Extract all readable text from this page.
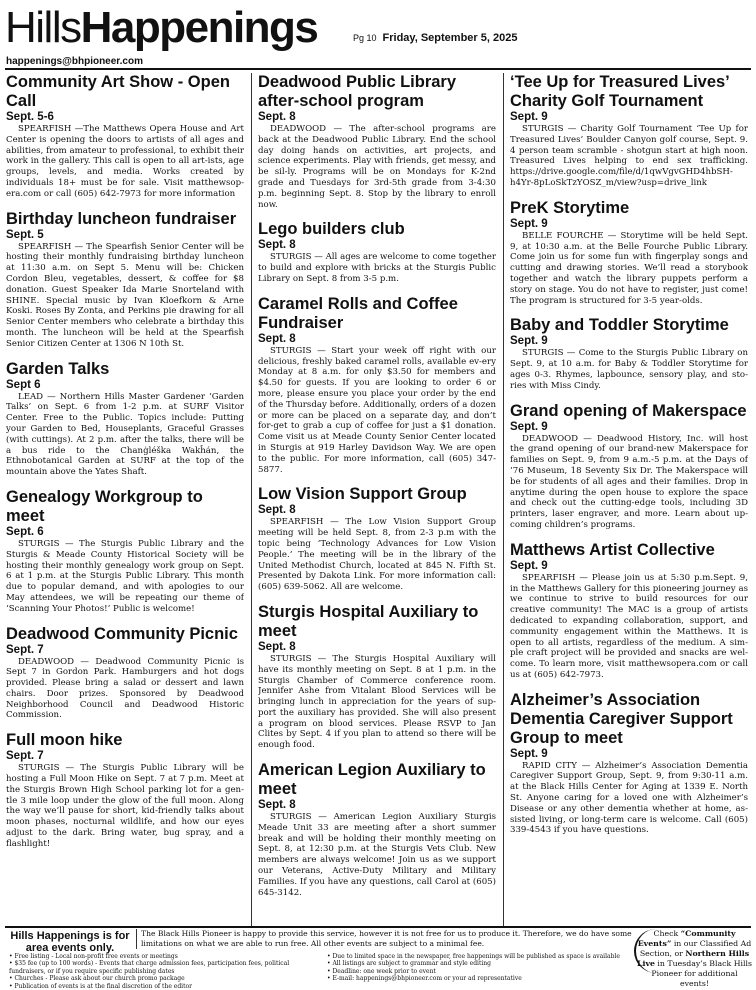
HillsHappenings	Pg 10 Friday, September 5, 2025
happenings@bhpioneer.com
Community Art Show - Open Call
Sept. 5-6

SPEARFISH —The Matthews Opera House and Art Center is opening the doors to artists of all ages and abilities, from amateur to professional, to exhibit their work in the gallery. This call is open to all art-ists, age groups, levels, and media. Works created by individuals 18+ must be for sale. Visit matthewsop-era.com or call (605) 642-7973 for more information

Birthday luncheon fundraiser
Sept. 5

SPEARFISH — The Spearfish Senior Center will be hosting their monthly fundraising birthday luncheon at 11:30 a.m. on Sept 5. Menu will be: Chicken Cordon Bleu, vegetables, dessert, & coffee for $8 donation. Guest Speaker Ida Marie Snorteland with SHINE. Special music by Ivan Kloefkorn & Arne Koski. Roses By Zonta, and Perkins pie drawing for all Senior Center members who celebrate a birthday this month. The luncheon will be held at the Spearfish Senior Citizen Center at 1306 N 10th St.

Garden Talks
Sept 6

LEAD — Northern Hills Master Gardener ‘Garden Talks’ on Sept. 6 from 1-2 p.m. at SURF Visitor Center. Free to the Public. Topics include: Putting your Garden to Bed, Houseplants, Graceful Grasses (with cuttings). At 2 p.m. after the talks, there will be a bus ride to the Chanġléška Wakȟán, the Ethnobotanical Garden at SURF at the top of the mountain above the Yates Shaft.

Genealogy Workgroup to meet
Sept. 6

STURGIS — The Sturgis Public Library and the Sturgis & Meade County Historical Society will be hosting their monthly genealogy work group on Sept. 6 at 1 p.m. at the Sturgis Public Library. This month due to popular demand, and with apologies to our May attendees, we will be repeating our theme of ‘Scanning Your Photos!’ Public is welcome!

Deadwood Community Picnic
Sept. 7

DEADWOOD — Deadwood Community Picnic is Sept 7 in Gordon Park. Hamburgers and hot dogs provided. Please bring a salad or dessert and lawn chairs. Door prizes. Sponsored by Deadwood Neighborhood Council and Deadwood Historic Commission.

Full moon hike
Sept. 7

STURGIS — The Sturgis Public Library will be hosting a Full Moon Hike on Sept. 7 at 7 p.m. Meet at the Sturgis Brown High School parking lot for a gen-tle 3 mile loop under the glow of the full moon. Along the way we’ll pause for short, kid-friendly talks about moon phases, nocturnal wildlife, and how our eyes adjust to the dark. Bring water, bug spray, and a flashlight!

Deadwood Public Library after-school program
Sept. 8

DEADWOOD — The after-school programs are back at the Deadwood Public Library. End the school day doing hands on activities, art projects, and science experiments. Play with friends, get messy, and be sil-ly. Programs will be on Mondays for K-2nd grade and Tuesdays for 3rd-5th grade from 3-4:30 p.m. beginning Sept. 8. Stop by the library to enroll now.

Lego builders club
Sept. 8

STURGIS — All ages are welcome to come together to build and explore with bricks at the Sturgis Public Library on Sept. 8 from 3-5 p.m.

Caramel Rolls and Coffee Fundraiser
Sept. 8

STURGIS — Start your week off right with our delicious, freshly baked caramel rolls, available ev-ery Monday at 8 a.m. for only $3.50 for members and $4.50 for guests. If you are looking to order 6 or more, please ensure you place your order by the end of the Thursday before. Additionally, orders of a dozen or more can be placed on a separate day, and don’t for-get to grab a cup of coffee for just a $1 donation. Come visit us at Meade County Senior Center located in Sturgis at 919 Harley Davidson Way. We are open to the public. For more information, call (605) 347-5877.

Low Vision Support Group
Sept. 8

SPEARFISH — The Low Vision Support Group meeting will be held Sept. 8, from 2-3 p.m with the topic being ‘Technology Advances for Low Vision People.’ The meeting will be in the library of the United Methodist Church, located at 845 N. Fifth St. Presented by Dakota Link. For more information call: (605) 639-5062. All are welcome.

Sturgis Hospital Auxiliary to meet
Sept. 8

STURGIS — The Sturgis Hospital Auxiliary will have its monthly meeting on Sept. 8 at 1 p.m. in the Sturgis Chamber of Commerce conference room. Jennifer Ashe from Vitalant Blood Services will be bringing lunch in appreciation for the years of sup-port the auxiliary has provided. She will also present a program on blood services. Please RSVP to Jan Clites by Sept. 4 if you plan to attend so there will be enough food.

American Legion Auxiliary to meet
Sept. 8

STURGIS — American Legion Auxiliary Sturgis Meade Unit 33 are meeting after a short summer break and will be holding their monthly meeting on Sept. 8, at 12:30 p.m. at the Sturgis Vets Club. New members are always welcome! Join us as we support our Veterans, Active-Duty Military and Military Families. If you have any questions, call Carol at (605) 645-3142.

‘Tee Up for Treasured Lives’ Charity Golf Tournament
Sept. 9

STURGIS — Charity Golf Tournament ‘Tee Up for Treasured Lives’ Boulder Canyon golf course, Sept. 9. 4 person team scramble - shotgun start at high noon. Treasured Lives helping to end sex trafficking. https://drive.google.com/file/d/1qwVgvGHD4hbSH-h4Yr-8pLoSkTzYOSZ_m/view?usp=drive_link

PreK Storytime
Sept. 9

BELLE FOURCHE — Storytime will be held Sept. 9, at 10:30 a.m. at the Belle Fourche Public Library. Come join us for some fun with fingerplay songs and cutting and drawing stories. We’ll read a storybook together and watch the library puppets perform a story on stage. You do not have to register, just come! The program is structured for 3-5 year-olds.

Baby and Toddler Storytime
Sept. 9

STURGIS — Come to the Sturgis Public Library on Sept. 9, at 10 a.m. for Baby & Toddler Storytime for ages 0-3. Rhymes, lapbounce, sensory play, and sto-ries with Miss Cindy.

Grand opening of Makerspace
Sept. 9

DEADWOOD — Deadwood History, Inc. will host the grand opening of our brand-new Makerspace for families on Sept. 9, from 9 a.m.-5 p.m. at the Days of ’76 Museum, 18 Seventy Six Dr. The Makerspace will be for students of all ages and their families. Drop in anytime during the open house to explore the space and check out the cutting-edge tools, including 3D printers, laser engraver, and more. Learn about up-coming children’s programs.

Matthews Artist Collective
Sept. 9

SPEARFISH — Please join us at 5:30 p.m.Sept. 9, in the Matthews Gallery for this pioneering journey as we continue to strive to build resources for our creative community! The MAC is a group of artists dedicated to expanding collaboration, support, and community engagement within the Matthews. It is open to all artists, regardless of the medium. A sim-ple craft project will be provided and snacks are wel-come. To learn more, visit matthewsopera.com or call us at (605) 642-7973.

Alzheimer’s Association Dementia Caregiver Support Group to meet
Sept. 9

RAPID CITY — Alzheimer’s Association Dementia Caregiver Support Group, Sept. 9, from 9:30-11 a.m. at the Black Hills Center for Aging at 1339 E. North St. Anyone caring for a loved one with Alzheimer’s Disease or any other dementia whether at home, as-sisted living, or long-term care is welcome. Call (605) 339-4543 if you have questions.

Hills Happenings is for area events only.
The Black Hills Pioneer is happy to provide this service, however it is not free for us to produce it. Therefore, we do have some limitations on what we are able to run free. All other events are subject to a minimal fee.
• Free listing - Local non-profit free events or meetings
• $35 fee (up to 100 words) - Events that charge admission fees, participation fees, political fundraisers, or if you require specific publishing dates
• Churches - Please ask about our church promo package
• Publication of events is at the final discretion of the editor
• Due to limited space in the newspaper, free happenings will be published as space is available
• All listings are subject to grammar and style editing
• Deadline: one week prior to event
• E-mail: happenings@bhpioneer.com or your ad representative
Check “Community Events” in our Classified Ad Section, or Northern Hills Live in Tuesday’s Black Hills Pioneer for additional events!
